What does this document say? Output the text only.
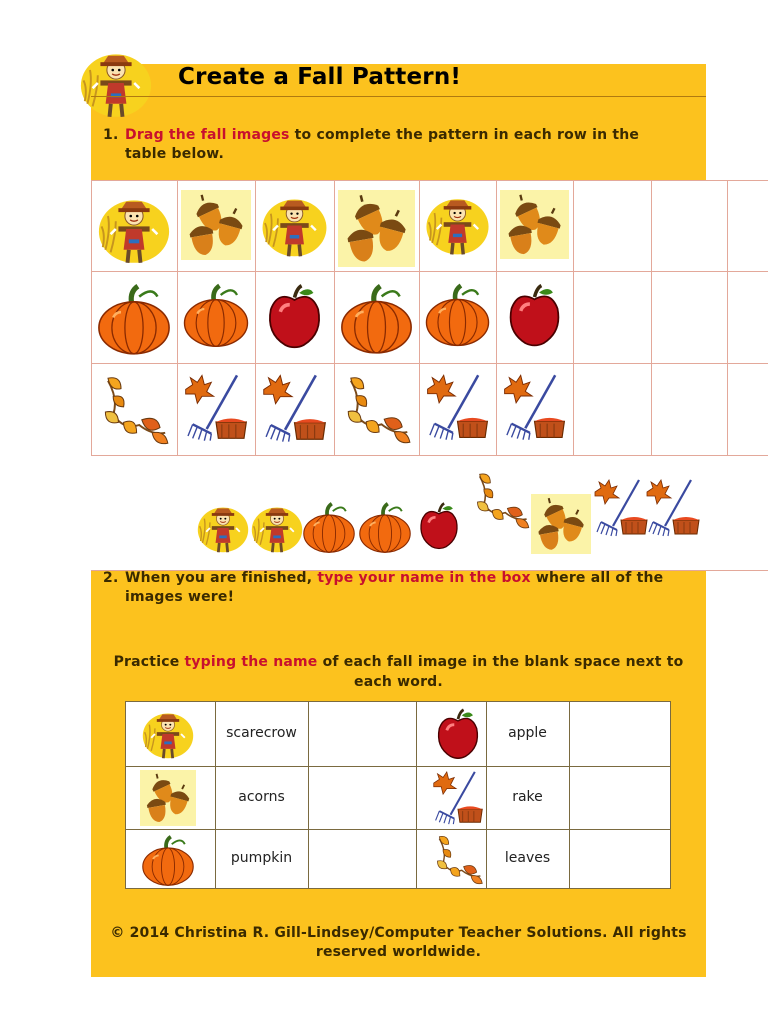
Create a Fall Pattern!
1. Drag the fall images to complete the pattern in each row in the
table below.
2. When you are finished, type your name in the box where all of the
images were!
Practice typing the name of each fall image in the blank space next to
each word.
scarecrow	apple
acorns	rake
pumpkin	leaves
© 2014 Christina R. Gill-Lindsey/Computer Teacher Solutions. All rights
reserved worldwide.
